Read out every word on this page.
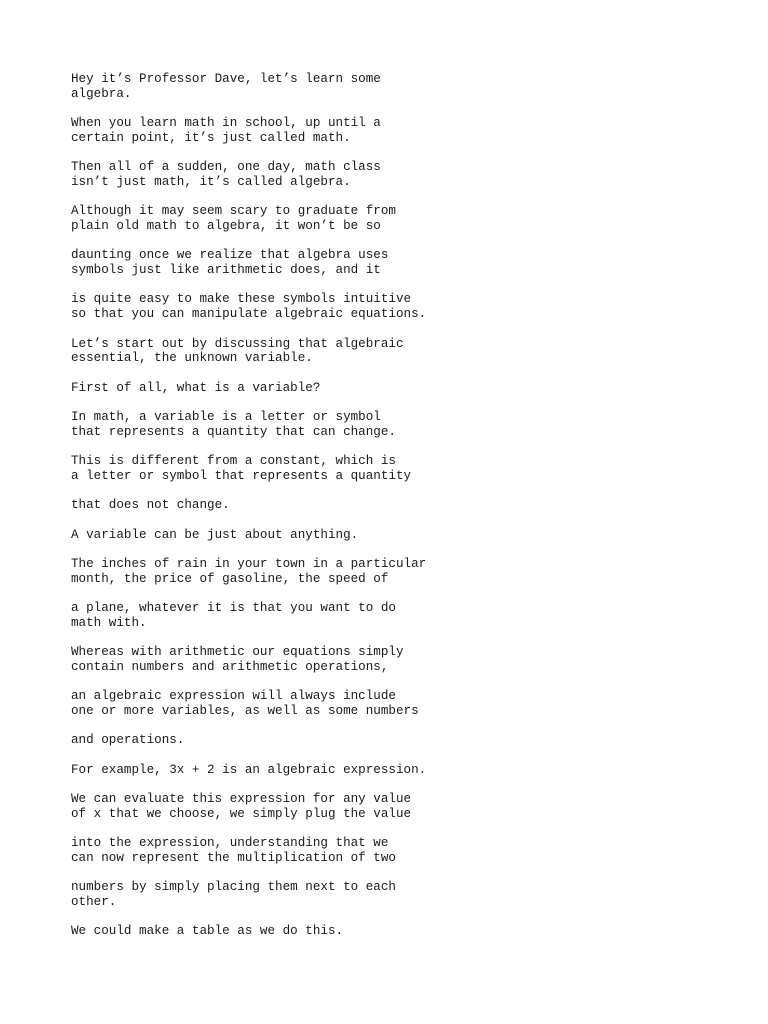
Hey it’s Professor Dave, let’s learn some
algebra.

When you learn math in school, up until a
certain point, it’s just called math.

Then all of a sudden, one day, math class
isn’t just math, it’s called algebra.

Although it may seem scary to graduate from
plain old math to algebra, it won’t be so

daunting once we realize that algebra uses
symbols just like arithmetic does, and it

is quite easy to make these symbols intuitive
so that you can manipulate algebraic equations.

Let’s start out by discussing that algebraic
essential, the unknown variable.

First of all, what is a variable?

In math, a variable is a letter or symbol
that represents a quantity that can change.

This is different from a constant, which is
a letter or symbol that represents a quantity

that does not change.

A variable can be just about anything.

The inches of rain in your town in a particular
month, the price of gasoline, the speed of

a plane, whatever it is that you want to do
math with.

Whereas with arithmetic our equations simply
contain numbers and arithmetic operations,

an algebraic expression will always include
one or more variables, as well as some numbers

and operations.

For example, 3x + 2 is an algebraic expression.

We can evaluate this expression for any value
of x that we choose, we simply plug the value

into the expression, understanding that we
can now represent the multiplication of two

numbers by simply placing them next to each
other.

We could make a table as we do this.
